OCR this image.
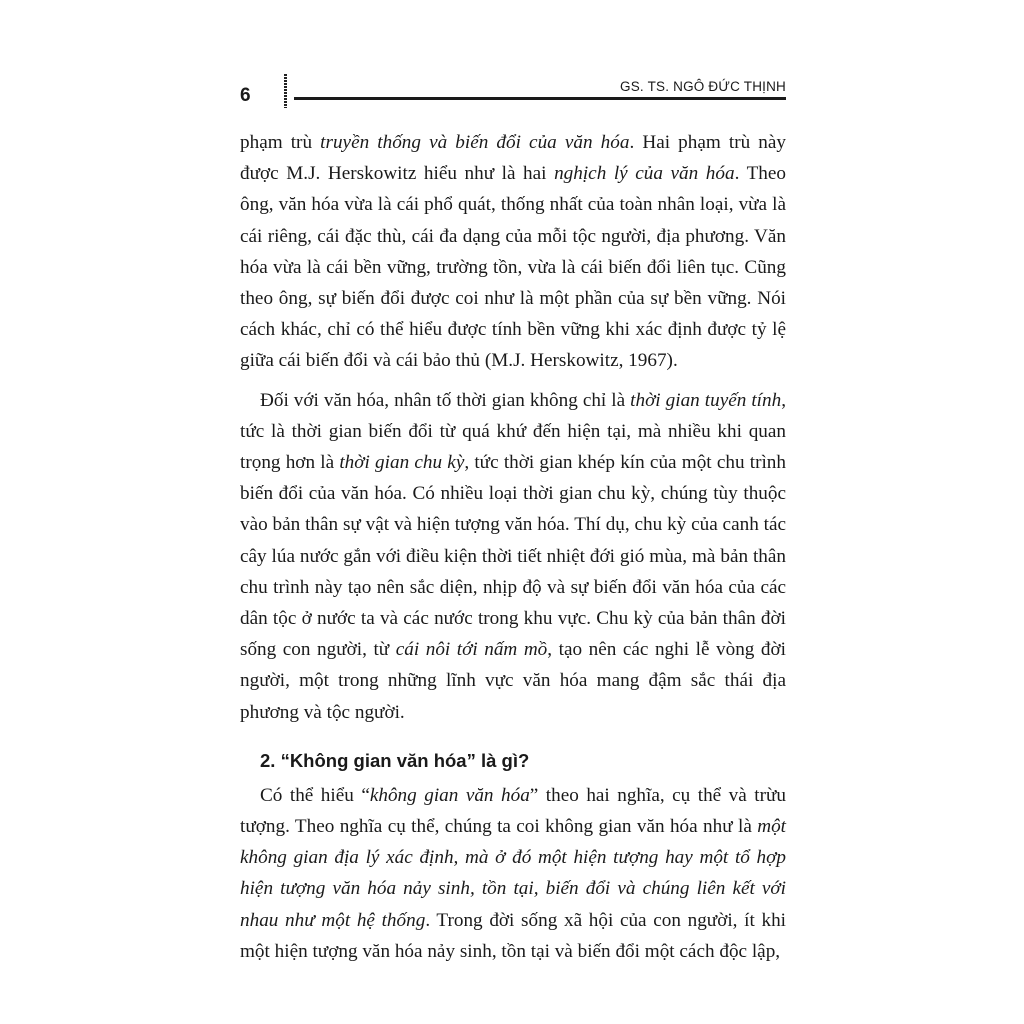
6	GS. TS. NGÔ ĐỨC THỊNH

phạm trù truyền thống và biến đổi của văn hóa. Hai phạm trù này được M.J. Herskowitz hiểu như là hai nghịch lý của văn hóa. Theo ông, văn hóa vừa là cái phổ quát, thống nhất của toàn nhân loại, vừa là cái riêng, cái đặc thù, cái đa dạng của mỗi tộc người, địa phương. Văn hóa vừa là cái bền vững, trường tồn, vừa là cái biến đổi liên tục. Cũng theo ông, sự biến đổi được coi như là một phần của sự bền vững. Nói cách khác, chỉ có thể hiểu được tính bền vững khi xác định được tỷ lệ giữa cái biến đổi và cái bảo thủ (M.J. Herskowitz, 1967).

Đối với văn hóa, nhân tố thời gian không chỉ là thời gian tuyến tính, tức là thời gian biến đổi từ quá khứ đến hiện tại, mà nhiều khi quan trọng hơn là thời gian chu kỳ, tức thời gian khép kín của một chu trình biến đổi của văn hóa. Có nhiều loại thời gian chu kỳ, chúng tùy thuộc vào bản thân sự vật và hiện tượng văn hóa. Thí dụ, chu kỳ của canh tác cây lúa nước gắn với điều kiện thời tiết nhiệt đới gió mùa, mà bản thân chu trình này tạo nên sắc diện, nhịp độ và sự biến đổi văn hóa của các dân tộc ở nước ta và các nước trong khu vực. Chu kỳ của bản thân đời sống con người, từ cái nôi tới nấm mồ, tạo nên các nghi lễ vòng đời người, một trong những lĩnh vực văn hóa mang đậm sắc thái địa phương và tộc người.

2. “Không gian văn hóa” là gì?

Có thể hiểu “không gian văn hóa” theo hai nghĩa, cụ thể và trừu tượng. Theo nghĩa cụ thể, chúng ta coi không gian văn hóa như là một không gian địa lý xác định, mà ở đó một hiện tượng hay một tổ hợp hiện tượng văn hóa nảy sinh, tồn tại, biến đổi và chúng liên kết với nhau như một hệ thống. Trong đời sống xã hội của con người, ít khi một hiện tượng văn hóa nảy sinh, tồn tại và biến đổi một cách độc lập,
